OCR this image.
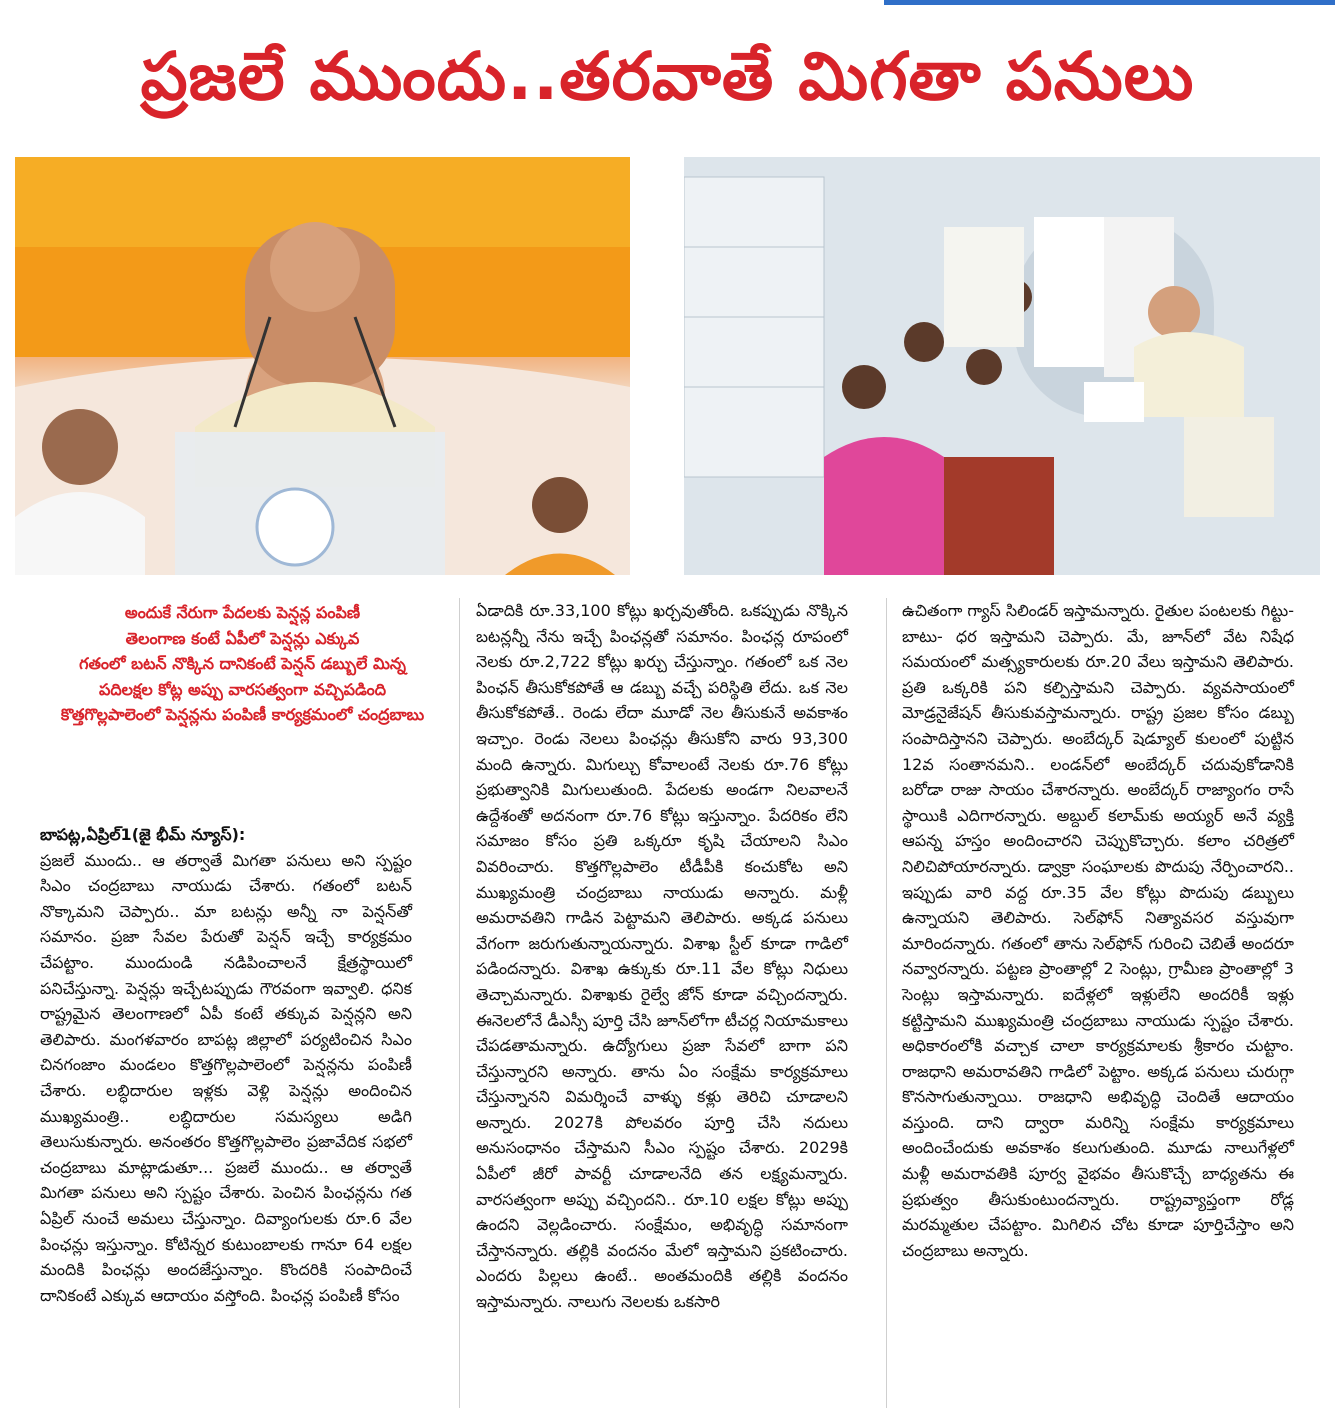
ప్రజలే ముందు..తరవాతే మిగతా పనులు
అందుకే నేరుగా పేదలకు పెన్షన్ల పంపిణీ
తెలంగాణ కంటే ఏపీలో పెన్షన్లు ఎక్కువ
గతంలో బటన్ నొక్కిన దానికంటే పెన్షన్ డబ్బులే మిన్న
పదిలక్షల కోట్ల అప్పు వారసత్వంగా వచ్చిపడింది
కొత్తగొల్లపాలెంలో పెన్షన్లను పంపిణీ కార్యక్రమంలో చంద్రబాబు

బాపట్ల,ఏప్రిల్1(జై భీమ్ న్యూస్):

ప్రజలే ముందు.. ఆ తర్వాతే మిగతా పనులు అని స్పష్టం సిఎం చంద్రబాబు నాయుడు చేశారు. గతంలో బటన్ నొక్కామని చెప్పారు.. మా బటన్లు అన్నీ నా పెన్షన్‌తో సమానం. ప్రజా సేవల పేరుతో పెన్షన్ ఇచ్చే కార్యక్రమం చేపట్టాం. ముందుండి నడిపించాలనే క్షేత్రస్థాయిలో పనిచేస్తున్నా. పెన్షన్లు ఇచ్చేటప్పుడు గౌరవంగా ఇవ్వాలి. ధనిక రాష్ట్రమైన తెలంగాణలో ఏపీ కంటే తక్కువ పెన్షన్లని అని తెలిపారు. మంగళవారం బాపట్ల జిల్లాలో పర్యటించిన సిఎం చినగంజాం మండలం కొత్తగొల్లపాలెంలో పెన్షన్లను పంపిణీ చేశారు. లబ్ధిదారుల ఇళ్లకు వెళ్లి పెన్షన్లు అందించిన ముఖ్యమంత్రి.. లబ్ధిదారుల సమస్యలు అడిగి తెలుసుకున్నారు. అనంతరం కొత్తగొల్లపాలెం ప్రజావేదిక సభలో చంద్రబాబు మాట్లాడుతూ... ప్రజలే ముందు.. ఆ తర్వాతే మిగతా పనులు అని స్పష్టం చేశారు. పెంచిన పింఛన్లను గత ఏప్రిల్ నుంచే అమలు చేస్తున్నాం. దివ్యాంగులకు రూ.6 వేల పింఛన్లు ఇస్తున్నాం. కోటిన్నర కుటుంబాలకు గానూ 64 లక్షల మందికి పింఛన్లు అందజేస్తున్నాం. కొందరికి సంపాదించే దానికంటే ఎక్కువ ఆదాయం వస్తోంది. పింఛన్ల పంపిణీ కోసం

ఏడాదికి రూ.33,100 కోట్లు ఖర్చవుతోంది. ఒకప్పుడు నొక్కిన బటన్లన్నీ నేను ఇచ్చే పింఛన్లతో సమానం. పింఛన్ల రూపంలో నెలకు రూ.2,722 కోట్లు ఖర్చు చేస్తున్నాం. గతంలో ఒక నెల పింఛన్ తీసుకోకపోతే ఆ డబ్బు వచ్చే పరిస్థితి లేదు. ఒక నెల తీసుకోకపోతే.. రెండు లేదా మూడో నెల తీసుకునే అవకాశం ఇచ్చాం. రెండు నెలలు పింఛన్లు తీసుకోని వారు 93,300 మంది ఉన్నారు. మిగుల్చు కోవాలంటే నెలకు రూ.76 కోట్లు ప్రభుత్వానికి మిగులుతుంది. పేదలకు అండగా నిలవాలనే ఉద్దేశంతో అదనంగా రూ.76 కోట్లు ఇస్తున్నాం. పేదరికం లేని సమాజం కోసం ప్రతి ఒక్కరూ కృషి చేయాలని సిఎం వివరించారు. కొత్తగొల్లపాలెం టీడీపీకి కంచుకోట అని ముఖ్యమంత్రి చంద్రబాబు నాయుడు అన్నారు. మళ్లీ అమరావతిని గాడిన పెట్టామని తెలిపారు. అక్కడ పనులు వేగంగా జరుగుతున్నాయన్నారు. విశాఖ స్టీల్ కూడా గాడిలో పడిందన్నారు. విశాఖ ఉక్కుకు రూ.11 వేల కోట్లు నిధులు తెచ్చామన్నారు. విశాఖకు రైల్వే జోన్ కూడా వచ్చిందన్నారు. ఈనెలలోనే డీఎస్సీ పూర్తి చేసి జూన్‌లోగా టీచర్ల నియామకాలు చేపడతామన్నారు. ఉద్యోగులు ప్రజా సేవలో బాగా పని చేస్తున్నారని అన్నారు. తాను ఏం సంక్షేమ కార్యక్రమాలు చేస్తున్నానని విమర్శించే వాళ్ళు కళ్లు తెరిచి చూడాలని అన్నారు. 2027కి పోలవరం పూర్తి చేసి నదులు అనుసంధానం చేస్తామని సీఎం స్పష్టం చేశారు. 2029కి ఏపీలో జీరో పావర్టీ చూడాలనేది తన లక్ష్యమన్నారు. వారసత్వంగా అప్పు వచ్చిందని.. రూ.10 లక్షల కోట్లు అప్పు ఉందని వెల్లడించారు. సంక్షేమం, అభివృద్ధి సమానంగా చేస్తానన్నారు. తల్లికి వందనం మేలో ఇస్తామని ప్రకటించారు. ఎందరు పిల్లలు ఉంటే.. అంతమందికి తల్లికి వందనం ఇస్తామన్నారు. నాలుగు నెలలకు ఒకసారి

ఉచితంగా గ్యాస్ సిలిండర్ ఇస్తామన్నారు. రైతుల పంటలకు గిట్టు-బాటు- ధర ఇస్తామని చెప్పారు. మే, జూన్‌లో వేట నిషేధ సమయంలో మత్స్యకారులకు రూ.20 వేలు ఇస్తామని తెలిపారు. ప్రతి ఒక్కరికి పని కల్పిస్తామని చెప్పారు. వ్యవసాయంలో మోడ్రనైజేషన్ తీసుకువస్తామన్నారు. రాష్ట్ర ప్రజల కోసం డబ్బు సంపాదిస్తానని చెప్పారు. అంబేద్కర్ షెడ్యూల్ కులంలో పుట్టిన 12వ సంతానమని.. లండన్‌లో అంబేద్కర్ చదువుకోడానికి బరోడా రాజు సాయం చేశారన్నారు. అంబేద్కర్ రాజ్యాంగం రాసే స్థాయికి ఎదిగారన్నారు. అబ్దుల్ కలామ్‌కు అయ్యర్ అనే వ్యక్తి ఆపన్న హస్తం అందించారని చెప్పుకొచ్చారు. కలాం చరిత్రలో నిలిచిపోయారన్నారు. డ్వాక్రా సంఘాలకు పొదుపు నేర్పించారని.. ఇప్పుడు వారి వద్ద రూ.35 వేల కోట్లు పొదుపు డబ్బులు ఉన్నాయని తెలిపారు. సెల్‌ఫోన్ నిత్యావసర వస్తువుగా మారిందన్నారు. గతంలో తాను సెల్‌ఫోన్ గురించి చెబితే అందరూ నవ్వారన్నారు. పట్టణ ప్రాంతాల్లో 2 సెంట్లు, గ్రామీణ ప్రాంతాల్లో 3 సెంట్లు ఇస్తామన్నారు. ఐదేళ్లలో ఇళ్లులేని అందరికీ ఇళ్లు కట్టిస్తామని ముఖ్యమంత్రి చంద్రబాబు నాయుడు స్పష్టం చేశారు. అధికారంలోకి వచ్చాక చాలా కార్యక్రమాలకు శ్రీకారం చుట్టాం. రాజధాని అమరావతిని గాడిలో పెట్టాం. అక్కడ పనులు చురుగ్గా కొనసాగుతున్నాయి. రాజధాని అభివృద్ధి చెందితే ఆదాయం వస్తుంది. దాని ద్వారా మరిన్ని సంక్షేమ కార్యక్రమాలు అందించేందుకు అవకాశం కలుగుతుంది. మూడు నాలుగేళ్లలో మళ్లీ అమరావతికి పూర్వ వైభవం తీసుకొచ్చే బాధ్యతను ఈ ప్రభుత్వం తీసుకుంటుందన్నారు. రాష్ట్రవ్యాప్తంగా రోడ్ల మరమ్మతుల చేపట్టాం. మిగిలిన చోట కూడా పూర్తిచేస్తాం అని చంద్రబాబు అన్నారు.
